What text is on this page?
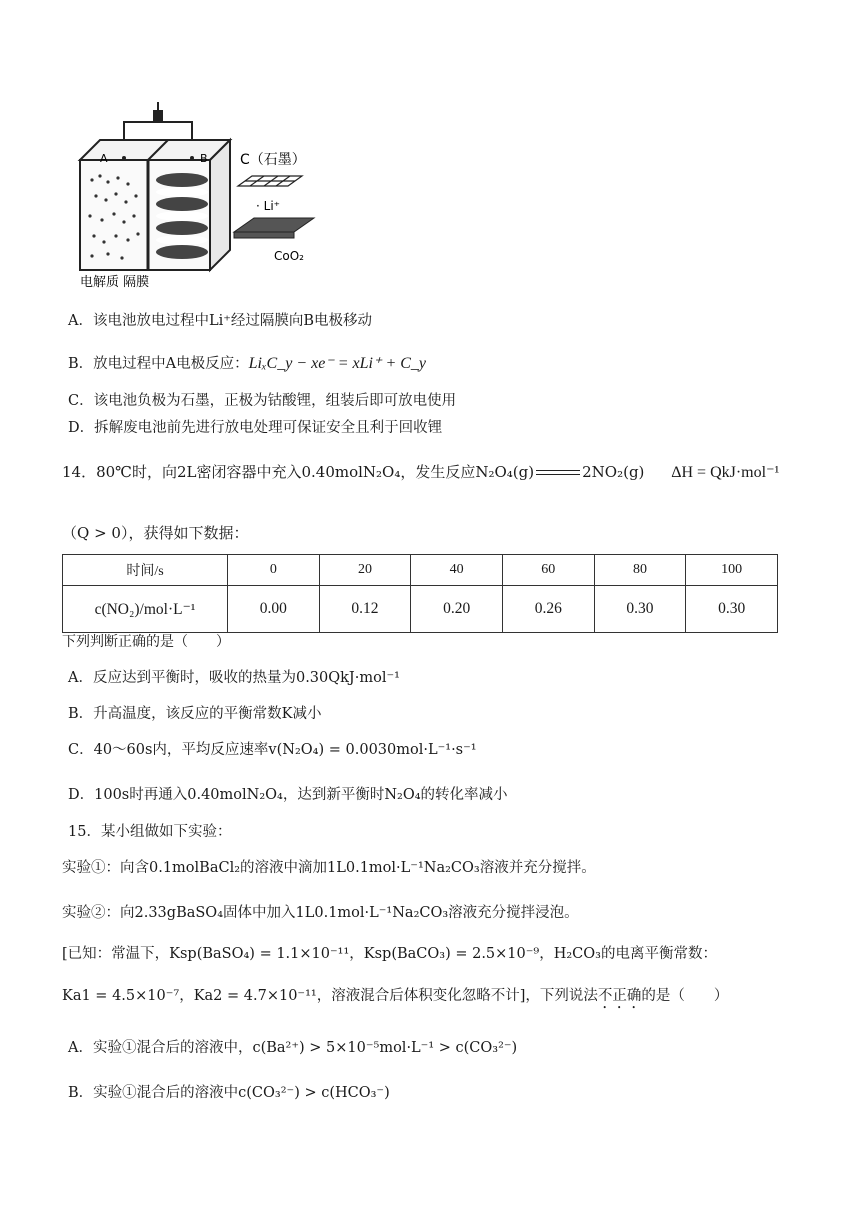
A	B C（石墨）
· Li⁺
CoO₂
电解质 隔膜
A．该电池放电过程中Li⁺经过隔膜向B电极移动
B．放电过程中A电极反应：LiₓC_y − xe⁻ = xLi⁺ + C_y
C．该电池负极为石墨，正极为钴酸锂，组装后即可放电使用
D．拆解废电池前先进行放电处理可保证安全且利于回收锂
14．80℃时，向2L密闭容器中充入0.40molN₂O₄，发生反应N₂O₄(g)	2NO₂(g) ΔH = QkJ·mol⁻¹
（Q > 0），获得如下数据：
时间/s	0	20	40	60	80	100
c(NO₂)/mol·L⁻¹	0.00	0.12	0.20	0.26	0.30	0.30
下列判断正确的是（　　）
A．反应达到平衡时，吸收的热量为0.30QkJ·mol⁻¹
B．升高温度，该反应的平衡常数K减小
C．40～60s内，平均反应速率v(N₂O₄) = 0.0030mol·L⁻¹·s⁻¹
D．100s时再通入0.40molN₂O₄，达到新平衡时N₂O₄的转化率减小
15．某小组做如下实验：
实验①：向含0.1molBaCl₂的溶液中滴加1L0.1mol·L⁻¹Na₂CO₃溶液并充分搅拌。
实验②：向2.33gBaSO₄固体中加入1L0.1mol·L⁻¹Na₂CO₃溶液充分搅拌浸泡。
[已知：常温下，Ksp(BaSO₄) = 1.1×10⁻¹¹，Ksp(BaCO₃) = 2.5×10⁻⁹，H₂CO₃的电离平衡常数：
Ka1 = 4.5×10⁻⁷，Ka2 = 4.7×10⁻¹¹，溶液混合后体积变化忽略不计]，下列说法不正确的是（　　）
A．实验①混合后的溶液中，c(Ba²⁺) > 5×10⁻⁵mol·L⁻¹ > c(CO₃²⁻)
B．实验①混合后的溶液中c(CO₃²⁻) > c(HCO₃⁻)
